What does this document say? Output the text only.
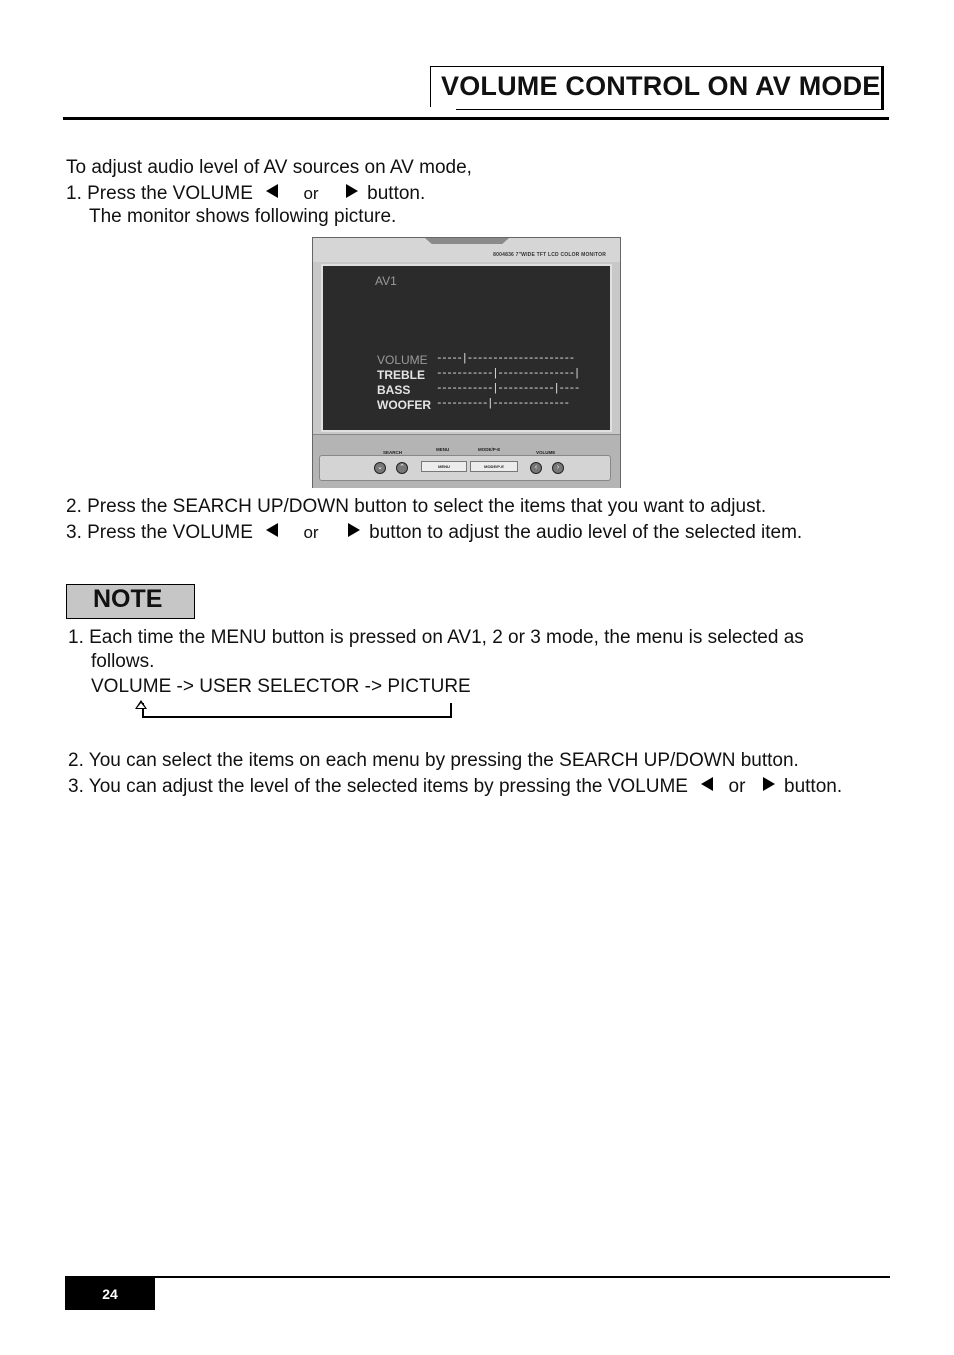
VOLUME CONTROL ON AV MODE
To adjust audio level of AV sources on AV mode,
1. Press the VOLUME	or	button.
The monitor shows following picture.
8004836 7"WIDE TFT LCD COLOR MONITOR
AV1
VOLUME -----|---------------------
TREBLE -----------|---------------|
BASS -----------|-----------|----
WOOFER ----------|---------------
SEARCH
MENU	MODE/P-E
VOLUME
⌄	⌃	MENU	MODE/P-E	‹	›
2. Press the SEARCH UP/DOWN button to select the items that you want to adjust.
3. Press the VOLUME	or	button to adjust the audio level of the selected item.
NOTE
1. Each time the MENU button is pressed on AV1, 2 or 3 mode, the menu is selected as
follows.
VOLUME -> USER SELECTOR -> PICTURE
2. You can select the items on each menu by pressing the SEARCH UP/DOWN button.
3. You can adjust the level of the selected items by pressing the VOLUME or button.
24
